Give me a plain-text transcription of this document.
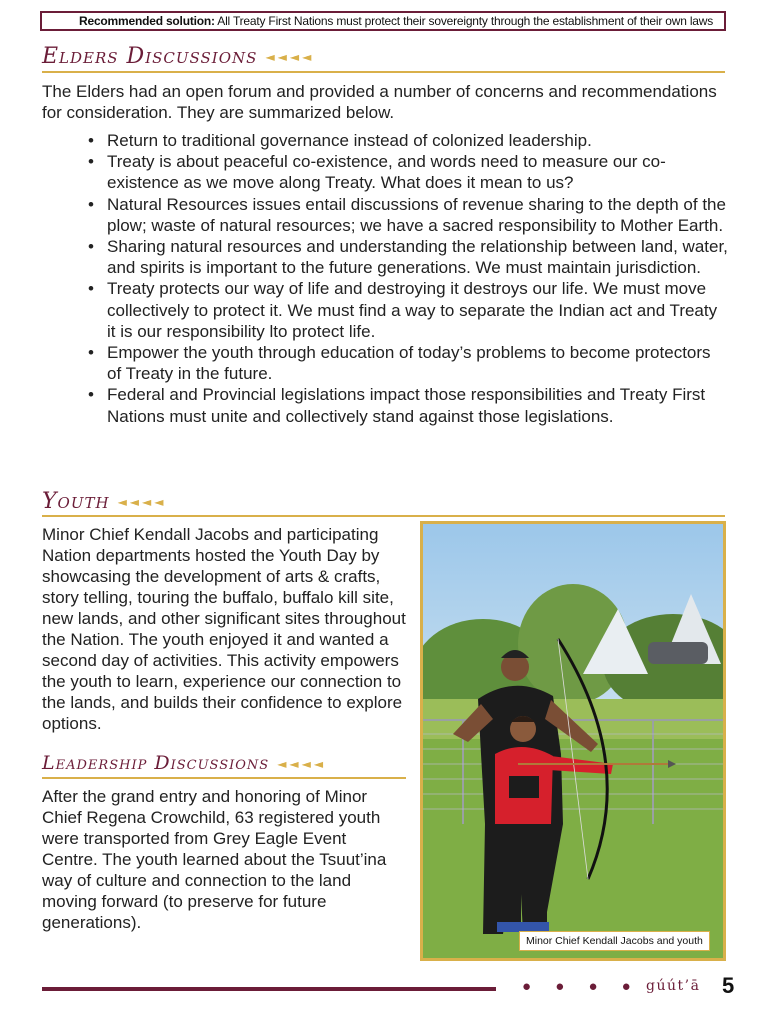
Recommended solution: All Treaty First Nations must protect their sovereignty through the establishment of their own laws
Elders Discussions ◄◄◄◄

The Elders had an open forum and provided a number of concerns and recommendations for consideration. They are summarized below.

• Return to traditional governance instead of colonized leadership.
• Treaty is about peaceful co-existence, and words need to measure our co-existence as we move along Treaty. What does it mean to us?
• Natural Resources issues entail discussions of revenue sharing to the depth of the plow; waste of natural resources; we have a sacred responsibility to Mother Earth.
• Sharing natural resources and understanding the relationship between land, water, and spirits is important to the future generations. We must maintain jurisdiction.
• Treaty protects our way of life and destroying it destroys our life. We must move collectively to protect it. We must find a way to separate the Indian act and Treaty it is our responsibility lto protect life.
• Empower the youth through education of today’s problems to become protectors of Treaty in the future.
• Federal and Provincial legislations impact those responsibilities and Treaty First Nations must unite and collectively stand against those legislations.
Youth ◄◄◄◄

Minor Chief Kendall Jacobs and participating Nation departments hosted the Youth Day by showcasing the development of arts & crafts, story telling, touring the buffalo, buffalo kill site, new lands, and other significant sites throughout the Nation. The youth enjoyed it and wanted a second day of activities. This activity empowers the youth to learn, experience our connection to the lands, and builds their confidence to explore options.

Leadership Discussions ◄◄◄◄

After the grand entry and honoring of Minor Chief Regena Crowchild, 63 registered youth were transported from Grey Eagle Event Centre. The youth learned about the Tsuut’ina way of culture and connection to the land moving forward (to preserve for future generations).

Minor Chief Kendall Jacobs and youth
● ● ● ● gúút’ā 5
